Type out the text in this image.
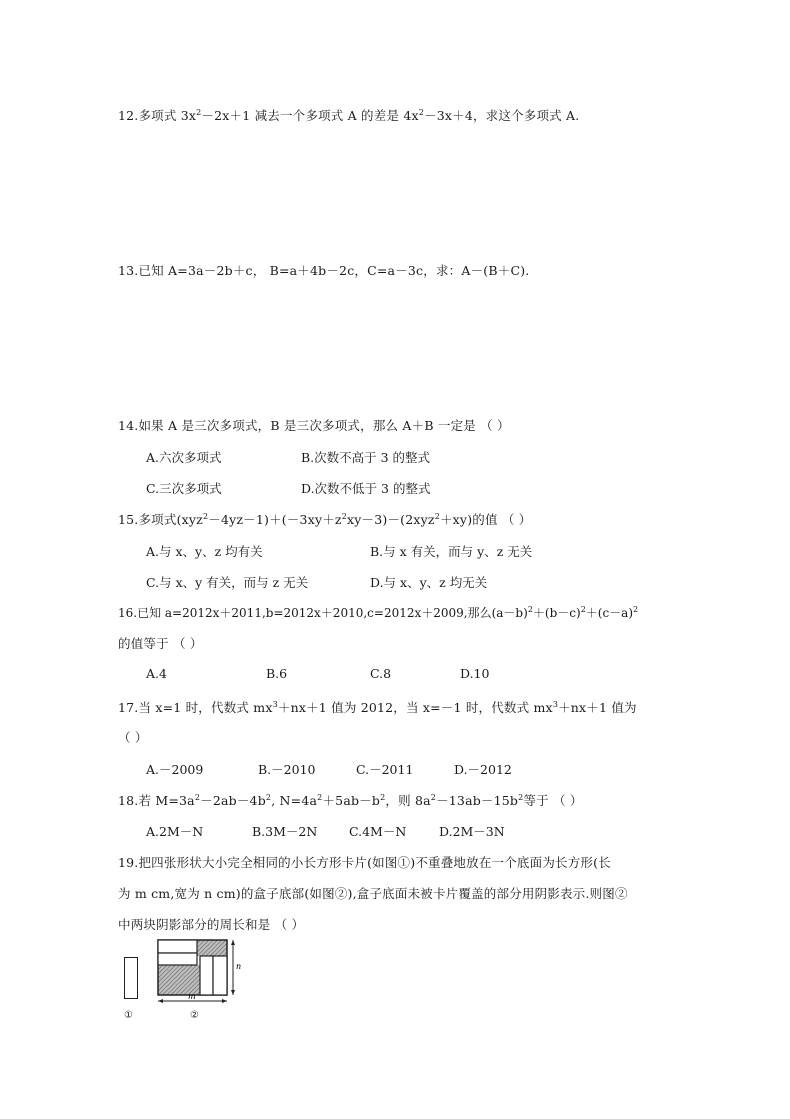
12.多项式 $3x^2-2x+1$ 减去一个多项式 A 的差是 $4x^2-3x+4$，求这个多项式 A.
13.已知 A=3a－2b＋c， B=a＋4b－2c，C=a－3c，求：A－(B＋C).
14.如果 A 是三次多项式，B 是三次多项式，那么 A＋B 一定是 （ ）
A.六次多项式	B.次数不高于 3 的整式
C.三次多项式	D.次数不低于 3 的整式
15.多项式$(xyz^2-4yz-1)+(-3xy+z^2xy-3)-(2xyz^2+xy)$的值 （ ）
A.与 x、y、z 均有关	B.与 x 有关，而与 y、z 无关
C.与 x、y 有关，而与 z 无关	D.与 x、y、z 均无关
16.已知 a=2012x＋2011,b=2012x＋2010,c=2012x＋2009,那么$(a-b)^2+(b-c)^2+(c-a)^2$
的值等于 （ ）
A.4	B.6	C.8	D.10
17.当 x=1 时，代数式 $mx^3+nx+1$ 值为 2012，当 x=－1 时，代数式 $mx^3+nx+1$ 值为
（ ）
A.－2009	B.－2010	C.－2011	D.－2012
18.若 $M=3a^2-2ab-4b^2$, $N=4a^2+5ab-b^2$，则 $8a^2-13ab-15b^2$等于 （ ）
A.2M－N	B.3M－2N	C.4M－N	D.2M－3N
19.把四张形状大小完全相同的小长方形卡片(如图①)不重叠地放在一个底面为长方形(长
为 m cm,宽为 n cm)的盒子底部(如图②),盒子底面未被卡片覆盖的部分用阴影表示.则图②
中两块阴影部分的周长和是 （ ）
①
n
m
②
